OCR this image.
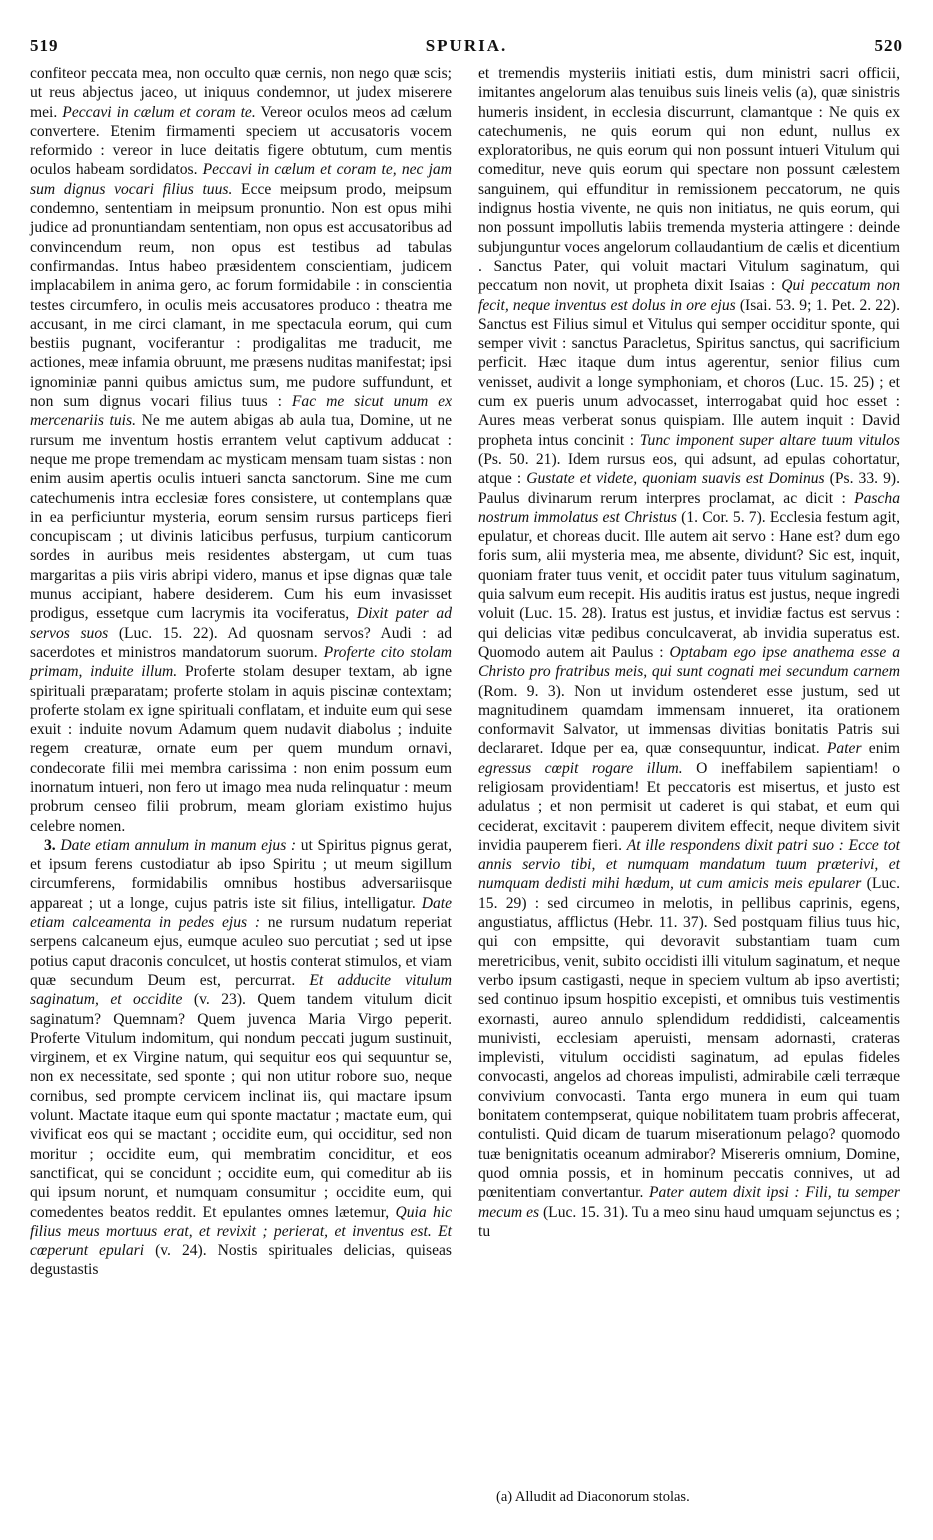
519	SPURIA.	520

confiteor peccata mea, non occulto quæ cernis, non nego quæ scis; ut reus abjectus jaceo, ut iniquus condemnor, ut judex miserere mei. Peccavi in cælum et coram te. Vereor oculos meos ad cælum convertere. Etenim firmamenti speciem ut accusatoris vocem reformido : vereor in luce deitatis figere obtutum, cum mentis oculos habeam sordidatos. Peccavi in cælum et coram te, nec jam sum dignus vocari filius tuus. Ecce meipsum prodo, meipsum condemno, sententiam in meipsum pronuntio. Non est opus mihi judice ad pronuntiandam sententiam, non opus est accusatoribus ad convincendum reum, non opus est testibus ad tabulas confirmandas. Intus habeo præsidentem conscientiam, judicem implacabilem in anima gero, ac forum formidabile : in conscientia testes circumfero, in oculis meis accusatores produco : theatra me accusant, in me circi clamant, in me spectacula eorum, qui cum bestiis pugnant, vociferantur : prodigalitas me traducit, me actiones, meæ infamia obruunt, me præsens nuditas manifestat; ipsi ignominiæ panni quibus amictus sum, me pudore suffundunt, et non sum dignus vocari filius tuus : Fac me sicut unum ex mercenariis tuis. Ne me autem abigas ab aula tua, Domine, ut ne rursum me inventum hostis errantem velut captivum adducat : neque me prope tremendam ac mysticam mensam tuam sistas : non enim ausim apertis oculis intueri sancta sanctorum. Sine me cum catechumenis intra ecclesiæ fores consistere, ut contemplans quæ in ea perficiuntur mysteria, eorum sensim rursus particeps fieri concupiscam ; ut divinis laticibus perfusus, turpium canticorum sordes in auribus meis residentes abstergam, ut cum tuas margaritas a piis viris abripi videro, manus et ipse dignas quæ tale munus accipiant, habere desiderem. Cum his eum invasisset prodigus, essetque cum lacrymis ita vociferatus, Dixit pater ad servos suos (Luc. 15. 22). Ad quosnam servos? Audi : ad sacerdotes et ministros mandatorum suorum. Proferte cito stolam primam, induite illum. Proferte stolam desuper textam, ab igne spirituali præparatam; proferte stolam in aquis piscinæ contextam; proferte stolam ex igne spirituali conflatam, et induite eum qui sese exuit : induite novum Adamum quem nudavit diabolus ; induite regem creaturæ, ornate eum per quem mundum ornavi, condecorate filii mei membra carissima : non enim possum eum inornatum intueri, non fero ut imago mea nuda relinquatur : meum probrum censeo filii probrum, meam gloriam existimo hujus celebre nomen.

3. Date etiam annulum in manum ejus : ut Spiritus pignus gerat, et ipsum ferens custodiatur ab ipso Spiritu ; ut meum sigillum circumferens, formidabilis omnibus hostibus adversariisque appareat ; ut a longe, cujus patris iste sit filius, intelligatur. Date etiam calceamenta in pedes ejus : ne rursum nudatum reperiat serpens calcaneum ejus, eumque aculeo suo percutiat ; sed ut ipse potius caput draconis conculcet, ut hostis conterat stimulos, et viam quæ secundum Deum est, percurrat. Et adducite vitulum saginatum, et occidite (v. 23). Quem tandem vitulum dicit saginatum? Quemnam? Quem juvenca Maria Virgo peperit. Proferte Vitulum indomitum, qui nondum peccati jugum sustinuit, virginem, et ex Virgine natum, qui sequitur eos qui sequuntur se, non ex necessitate, sed sponte ; qui non utitur robore suo, neque cornibus, sed prompte cervicem inclinat iis, qui mactare ipsum volunt. Mactate itaque eum qui sponte mactatur ; mactate eum, qui vivificat eos qui se mactant ; occidite eum, qui occiditur, sed non moritur ; occidite eum, qui membratim conciditur, et eos sanctificat, qui se concidunt ; occidite eum, qui comeditur ab iis qui ipsum norunt, et numquam consumitur ; occidite eum, qui comedentes beatos reddit. Et epulantes omnes lætemur, Quia hic filius meus mortuus erat, et revixit ; perierat, et inventus est. Et cœperunt epulari (v. 24). Nostis spirituales delicias, quiseas degustastis

et tremendis mysteriis initiati estis, dum ministri sacri officii, imitantes angelorum alas tenuibus suis lineis velis (a), quæ sinistris humeris insident, in ecclesia discurrunt, clamantque : Ne quis ex catechumenis, ne quis eorum qui non edunt, nullus ex exploratoribus, ne quis eorum qui non possunt intueri Vitulum qui comeditur, neve quis eorum qui spectare non possunt cælestem sanguinem, qui effunditur in remissionem peccatorum, ne quis indignus hostia vivente, ne quis non initiatus, ne quis eorum, qui non possunt impollutis labiis tremenda mysteria attingere : deinde subjunguntur voces angelorum collaudantium de cælis et dicentium . Sanctus Pater, qui voluit mactari Vitulum saginatum, qui peccatum non novit, ut propheta dixit Isaias : Qui peccatum non fecit, neque inventus est dolus in ore ejus (Isai. 53. 9; 1. Pet. 2. 22). Sanctus est Filius simul et Vitulus qui semper occiditur sponte, qui semper vivit : sanctus Paracletus, Spiritus sanctus, qui sacrificium perficit. Hæc itaque dum intus agerentur, senior filius cum venisset, audivit a longe symphoniam, et choros (Luc. 15. 25) ; et cum ex pueris unum advocasset, interrogabat quid hoc esset : Aures meas verberat sonus quispiam. Ille autem inquit : David propheta intus concinit : Tunc imponent super altare tuum vitulos (Ps. 50. 21). Idem rursus eos, qui adsunt, ad epulas cohortatur, atque : Gustate et videte, quoniam suavis est Dominus (Ps. 33. 9). Paulus divinarum rerum interpres proclamat, ac dicit : Pascha nostrum immolatus est Christus (1. Cor. 5. 7). Ecclesia festum agit, epulatur, et choreas ducit. Ille autem ait servo : Hane est? dum ego foris sum, alii mysteria mea, me absente, dividunt? Sic est, inquit, quoniam frater tuus venit, et occidit pater tuus vitulum saginatum, quia salvum eum recepit. His auditis iratus est justus, neque ingredi voluit (Luc. 15. 28). Iratus est justus, et invidiæ factus est servus : qui delicias vitæ pedibus conculcaverat, ab invidia superatus est. Quomodo autem ait Paulus : Optabam ego ipse anathema esse a Christo pro fratribus meis, qui sunt cognati mei secundum carnem (Rom. 9. 3). Non ut invidum ostenderet esse justum, sed ut magnitudinem quamdam immensam innueret, ita orationem conformavit Salvator, ut immensas divitias bonitatis Patris sui declararet. Idque per ea, quæ consequuntur, indicat. Pater enim egressus cœpit rogare illum. O ineffabilem sapientiam! o religiosam providentiam! Et peccatoris est misertus, et justo est adulatus ; et non permisit ut caderet is qui stabat, et eum qui ceciderat, excitavit : pauperem divitem effecit, neque divitem sivit invidia pauperem fieri. At ille respondens dixit patri suo : Ecce tot annis servio tibi, et numquam mandatum tuum præterivi, et numquam dedisti mihi hædum, ut cum amicis meis epularer (Luc. 15. 29) : sed circumeo in melotis, in pellibus caprinis, egens, angustiatus, afflictus (Hebr. 11. 37). Sed postquam filius tuus hic, qui con empsitte, qui devoravit substantiam tuam cum meretricibus, venit, subito occidisti illi vitulum saginatum, et neque verbo ipsum castigasti, neque in speciem vultum ab ipso avertisti; sed continuo ipsum hospitio excepisti, et omnibus tuis vestimentis exornasti, aureo annulo splendidum reddidisti, calceamentis munivisti, ecclesiam aperuisti, mensam adornasti, crateras implevisti, vitulum occidisti saginatum, ad epulas fideles convocasti, angelos ad choreas impulisti, admirabile cæli terræque convivium convocasti. Tanta ergo munera in eum qui tuam bonitatem contempserat, quique nobilitatem tuam probris affecerat, contulisti. Quid dicam de tuarum miserationum pelago? quomodo tuæ benignitatis oceanum admirabor? Misereris omnium, Domine, quod omnia possis, et in hominum peccatis connives, ut ad pœnitentiam convertantur. Pater autem dixit ipsi : Fili, tu semper mecum es (Luc. 15. 31). Tu a meo sinu haud umquam sejunctus es ; tu

(a) Alludit ad Diaconorum stolas.
